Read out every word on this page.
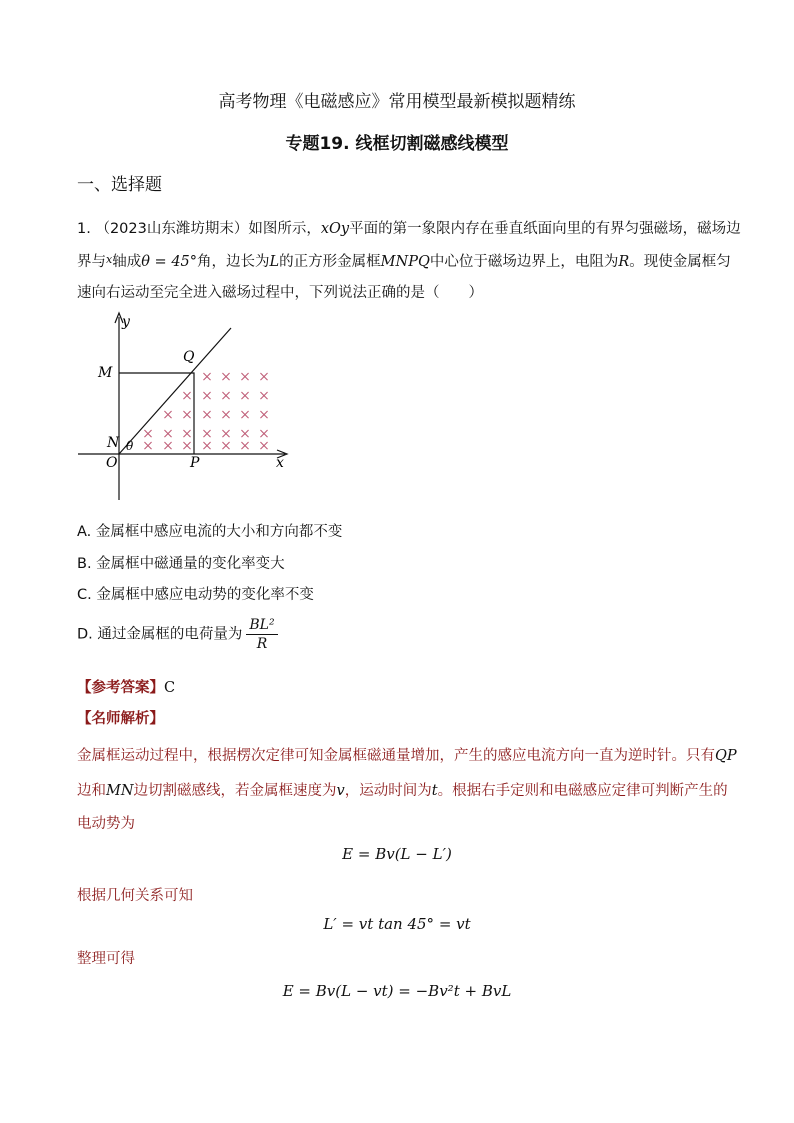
高考物理《电磁感应》常用模型最新模拟题精练
专题19. 线框切割磁感线模型
一、选择题
1. （2023山东潍坊期末）如图所示，xOy平面的第一象限内存在垂直纸面向里的有界匀强磁场，磁场边
界与$^x$轴成θ = 45°角，边长为L的正方形金属框MNPQ中心位于磁场边界上，电阻为R。现使金属框匀
速向右运动至完全进入磁场过程中，下列说法正确的是（　　）
× × × ×
× × × × ×
× × × × × ×
× × × × × × ×
× × × × × × ×
y
x
O
M
Q
N
P
θ
A. 金属框中感应电流的大小和方向都不变
B. 金属框中磁通量的变化率变大
C. 金属框中感应电动势的变化率不变
D. 通过金属框的电荷量为 $\frac{\text{BL²}}{R}$
【参考答案】C
【名师解析】
金属框运动过程中，根据楞次定律可知金属框磁通量增加，产生的感应电流方向一直为逆时针。只有QP
边和MN边切割磁感线，若金属框速度为v，运动时间为t。根据右手定则和电磁感应定律可判断产生的
电动势为
E = Bv(L − L′)
根据几何关系可知
L′ = vt tan 45° = vt
整理可得
E = Bv(L − vt) = −Bv²t + BvL
